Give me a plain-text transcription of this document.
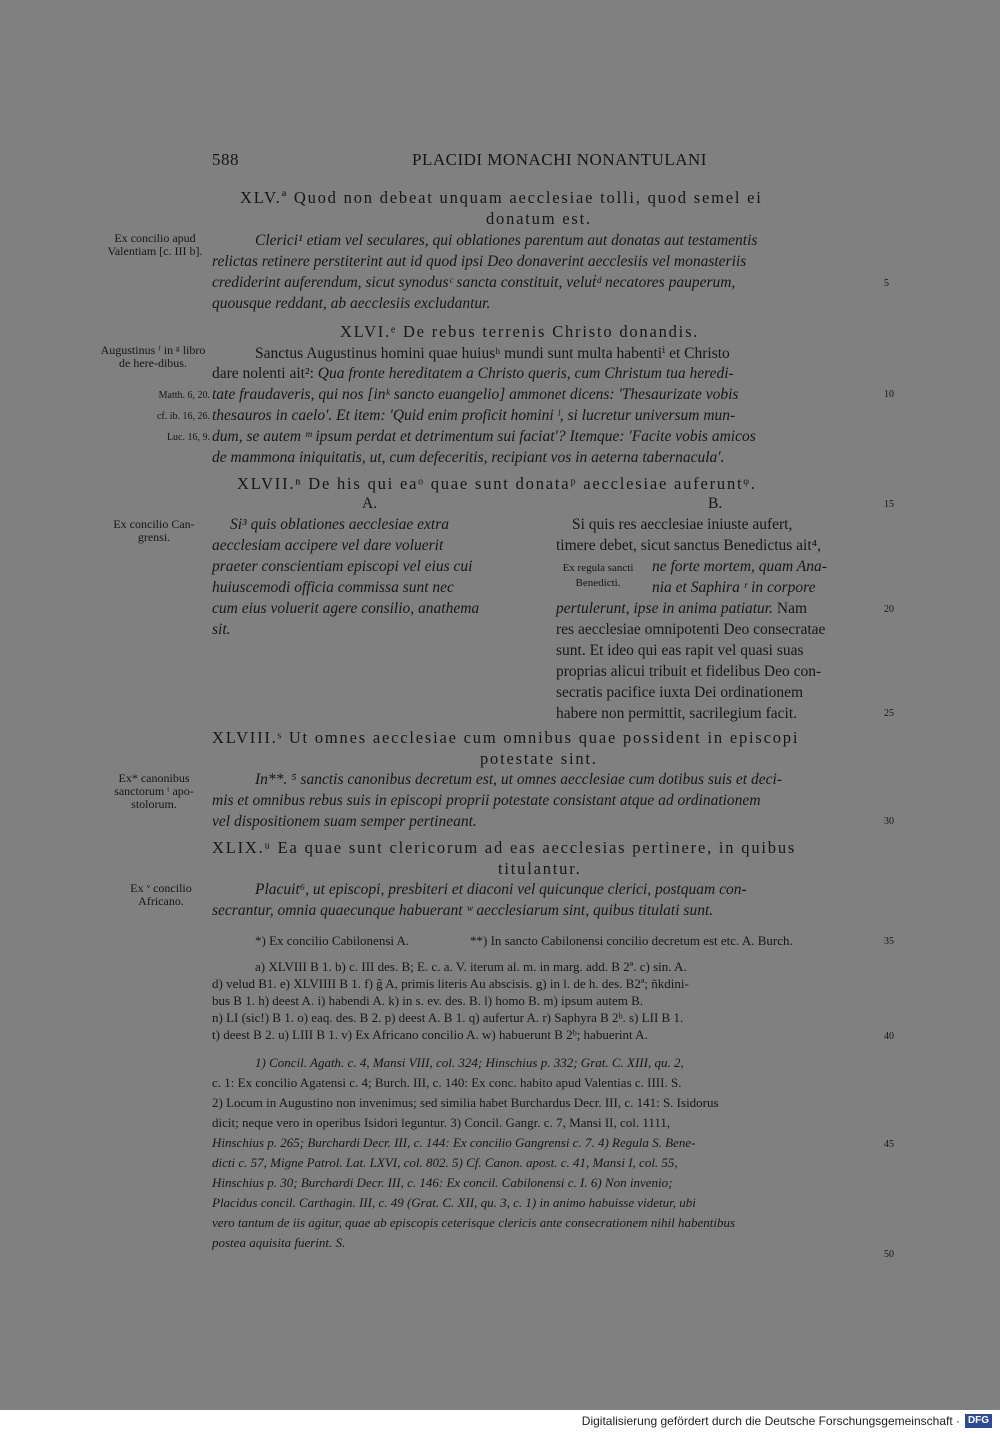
588	PLACIDI MONACHI NONANTULANI
XLV.ª Quod non debeat unquam aecclesiae tolli, quod semel ei
donatum est.
Ex concilio apud Valentiam [c. III b].
Clerici¹ etiam vel seculares, qui oblationes parentum aut donatas aut testamentis
relictas retinere perstiterint aut id quod ipsi Deo donaverint aecclesiis vel monasteriis
crediderint auferendum, sicut synodusᶜ sancta constituit, veluṫᵈ necatores pauperum,
quousque reddant, ab aecclesiis excludantur.
XLVI.ᵉ De rebus terrenis Christo donandis.
Augustinus ᶠ in ᵍ libro de here-dibus.
Matth. 6, 20.
cf. ib. 16, 26.
Luc. 16, 9.
Sanctus Augustinus homini quae huiusʰ mundi sunt multa habentiⁱ et Christo
dare nolenti ait²: Qua fronte hereditatem a Christo queris, cum Christum tua heredi-
tate fraudaveris, qui nos [inᵏ sancto euangelio] ammonet dicens: 'Thesaurizate vobis
thesauros in caelo'. Et item: 'Quid enim proficit homini ˡ, si lucretur universum mun-
dum, se autem ᵐ ipsum perdat et detrimentum sui faciat'? Itemque: 'Facite vobis amicos
de mammona iniquitatis, ut, cum defeceritis, recipiant vos in aeterna tabernacula'.
XLVII.ⁿ De his qui eaᵒ quae sunt donataᵖ aecclesiae auferuntᵠ.
A.	B.
Ex concilio Can-grensi.
Si³ quis oblationes aecclesiae extra
aecclesiam accipere vel dare voluerit
praeter conscientiam episcopi vel eius cui
huiuscemodi officia commissa sunt nec
cum eius voluerit agere consilio, anathema
sit.
Si quis res aecclesiae iniuste aufert,
timere debet, sicut sanctus Benedictus ait⁴,
Ex regula sancti Benedicti.
ne forte mortem, quam Ana-
nia et Saphira ʳ in corpore
pertulerunt, ipse in anima patiatur. Nam
res aecclesiae omnipotenti Deo consecratae
sunt. Et ideo qui eas rapit vel quasi suas
proprias alicui tribuit et fidelibus Deo con-
secratis pacifice iuxta Dei ordinationem
habere non permittit, sacrilegium facit.
XLVIII.ˢ Ut omnes aecclesiae cum omnibus quae possident in episcopi
potestate sint.
Ex* canonibus sanctorum ᵗ apo-stolorum.
In**. ⁵ sanctis canonibus decretum est, ut omnes aecclesiae cum dotibus suis et deci-
mis et omnibus rebus suis in episcopi proprii potestate consistant atque ad ordinationem
vel dispositionem suam semper pertineant.
XLIX.ᵘ Ea quae sunt clericorum ad eas aecclesias pertinere, in quibus
titulantur.
Ex ᵛ concilio Africano.
Placuit⁶, ut episcopi, presbiteri et diaconi vel quicunque clerici, postquam con-
secrantur, omnia quaecunque habuerant ʷ aecclesiarum sint, quibus titulati sunt.
*) Ex concilio Cabilonensi A.	**) In sancto Cabilonensi concilio decretum est etc. A. Burch.
a) XLVIII B 1. b) c. III des. B; E. c. a. V. iterum al. m. in marg. add. B 2ª. c) sin. A.
d) velud B1. e) XLVIIII B 1. f) g̃ A, primis literis Au abscisis. g) in l. de h. des. B2ª; ñkdini-
bus B 1. h) deest A. i) habendi A. k) in s. ev. des. B. l) homo B. m) ipsum autem B.
n) LI (sic!) B 1. o) eaq. des. B 2. p) deest A. B 1. q) aufertur A. r) Saphyra B 2ᵇ. s) LII B 1.
t) deest B 2. u) LIII B 1. v) Ex Africano concilio A. w) habuerunt B 2ᵇ; habuerint A.
1) Concil. Agath. c. 4, Mansi VIII, col. 324; Hinschius p. 332; Grat. C. XIII, qu. 2,
c. 1: Ex concilio Agatensi c. 4; Burch. III, c. 140: Ex conc. habito apud Valentias c. IIII. S.
2) Locum in Augustino non invenimus; sed similia habet Burchardus Decr. III, c. 141: S. Isidorus
dicit; neque vero in operibus Isidori leguntur. 3) Concil. Gangr. c. 7, Mansi II, col. 1111,
Hinschius p. 265; Burchardi Decr. III, c. 144: Ex concilio Gangrensi c. 7. 4) Regula S. Bene-
dicti c. 57, Migne Patrol. Lat. LXVI, col. 802. 5) Cf. Canon. apost. c. 41, Mansi I, col. 55,
Hinschius p. 30; Burchardi Decr. III, c. 146: Ex concil. Cabilonensi c. I. 6) Non invenio;
Placidus concil. Carthagin. III, c. 49 (Grat. C. XII, qu. 3, c. 1) in animo habuisse videtur, ubi
vero tantum de iis agitur, quae ab episcopis ceterisque clericis ante consecrationem nihil habentibus
postea aquisita fuerint. S.
5
10
15
20
25
30
35
40
45
50
Digitalisierung gefördert durch die Deutsche Forschungsgemeinschaft · DFG
